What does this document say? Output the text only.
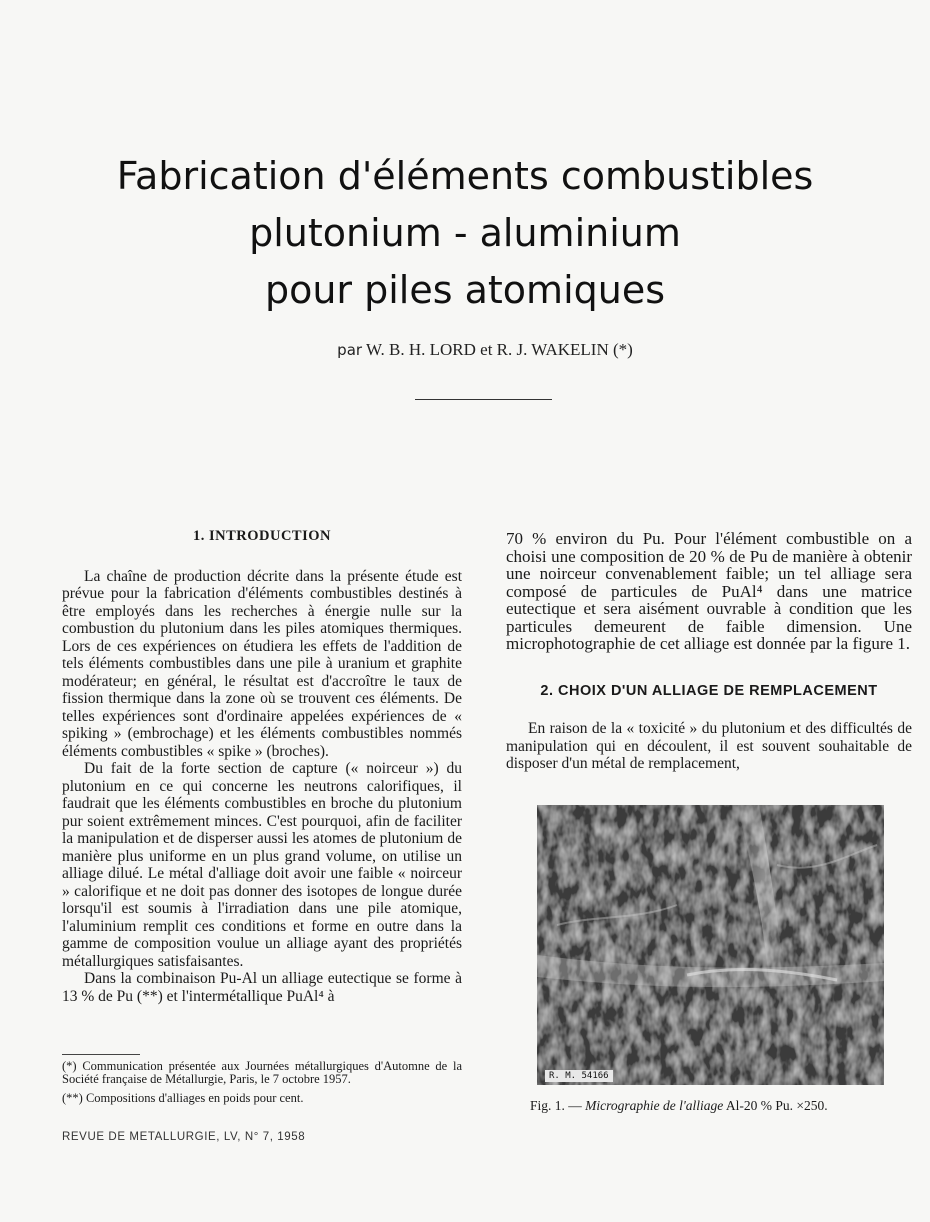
Fabrication d'éléments combustibles
plutonium - aluminium
pour piles atomiques
par W. B. H. LORD et R. J. WAKELIN (*)
1. INTRODUCTION

La chaîne de production décrite dans la présente étude est prévue pour la fabrication d'éléments combustibles destinés à être employés dans les recherches à énergie nulle sur la combustion du plutonium dans les piles atomiques thermiques. Lors de ces expériences on étudiera les effets de l'addition de tels éléments combustibles dans une pile à uranium et graphite modérateur; en général, le résultat est d'accroître le taux de fission thermique dans la zone où se trouvent ces éléments. De telles expériences sont d'ordinaire appelées expériences de « spiking » (embrochage) et les éléments combustibles nommés éléments combustibles « spike » (broches).

Du fait de la forte section de capture (« noirceur ») du plutonium en ce qui concerne les neutrons calorifiques, il faudrait que les éléments combustibles en broche du plutonium pur soient extrêmement minces. C'est pourquoi, afin de faciliter la manipulation et de disperser aussi les atomes de plutonium de manière plus uniforme en un plus grand volume, on utilise un alliage dilué. Le métal d'alliage doit avoir une faible « noirceur » calorifique et ne doit pas donner des isotopes de longue durée lorsqu'il est soumis à l'irradiation dans une pile atomique, l'aluminium remplit ces conditions et forme en outre dans la gamme de composition voulue un alliage ayant des propriétés métallurgiques satisfaisantes.

Dans la combinaison Pu-Al un alliage eutectique se forme à 13 % de Pu (**) et l'intermétallique PuAl⁴ à

(*) Communication présentée aux Journées métallurgiques d'Automne de la Société française de Métallurgie, Paris, le 7 octobre 1957.

(**) Compositions d'alliages en poids pour cent.

REVUE DE METALLURGIE, LV, N° 7, 1958

70 % environ du Pu. Pour l'élément combustible on a choisi une composition de 20 % de Pu de manière à obtenir une noirceur convenablement faible; un tel alliage sera composé de particules de PuAl⁴ dans une matrice eutectique et sera aisément ouvrable à condition que les particules demeurent de faible dimension. Une microphotographie de cet alliage est donnée par la figure 1.

2. CHOIX D'UN ALLIAGE DE REMPLACEMENT

En raison de la « toxicité » du plutonium et des difficultés de manipulation qui en découlent, il est souvent souhaitable de disposer d'un métal de remplacement,

R. M. 54166
Fig. 1. — Micrographie de l'alliage Al-20 % Pu. ×250.
